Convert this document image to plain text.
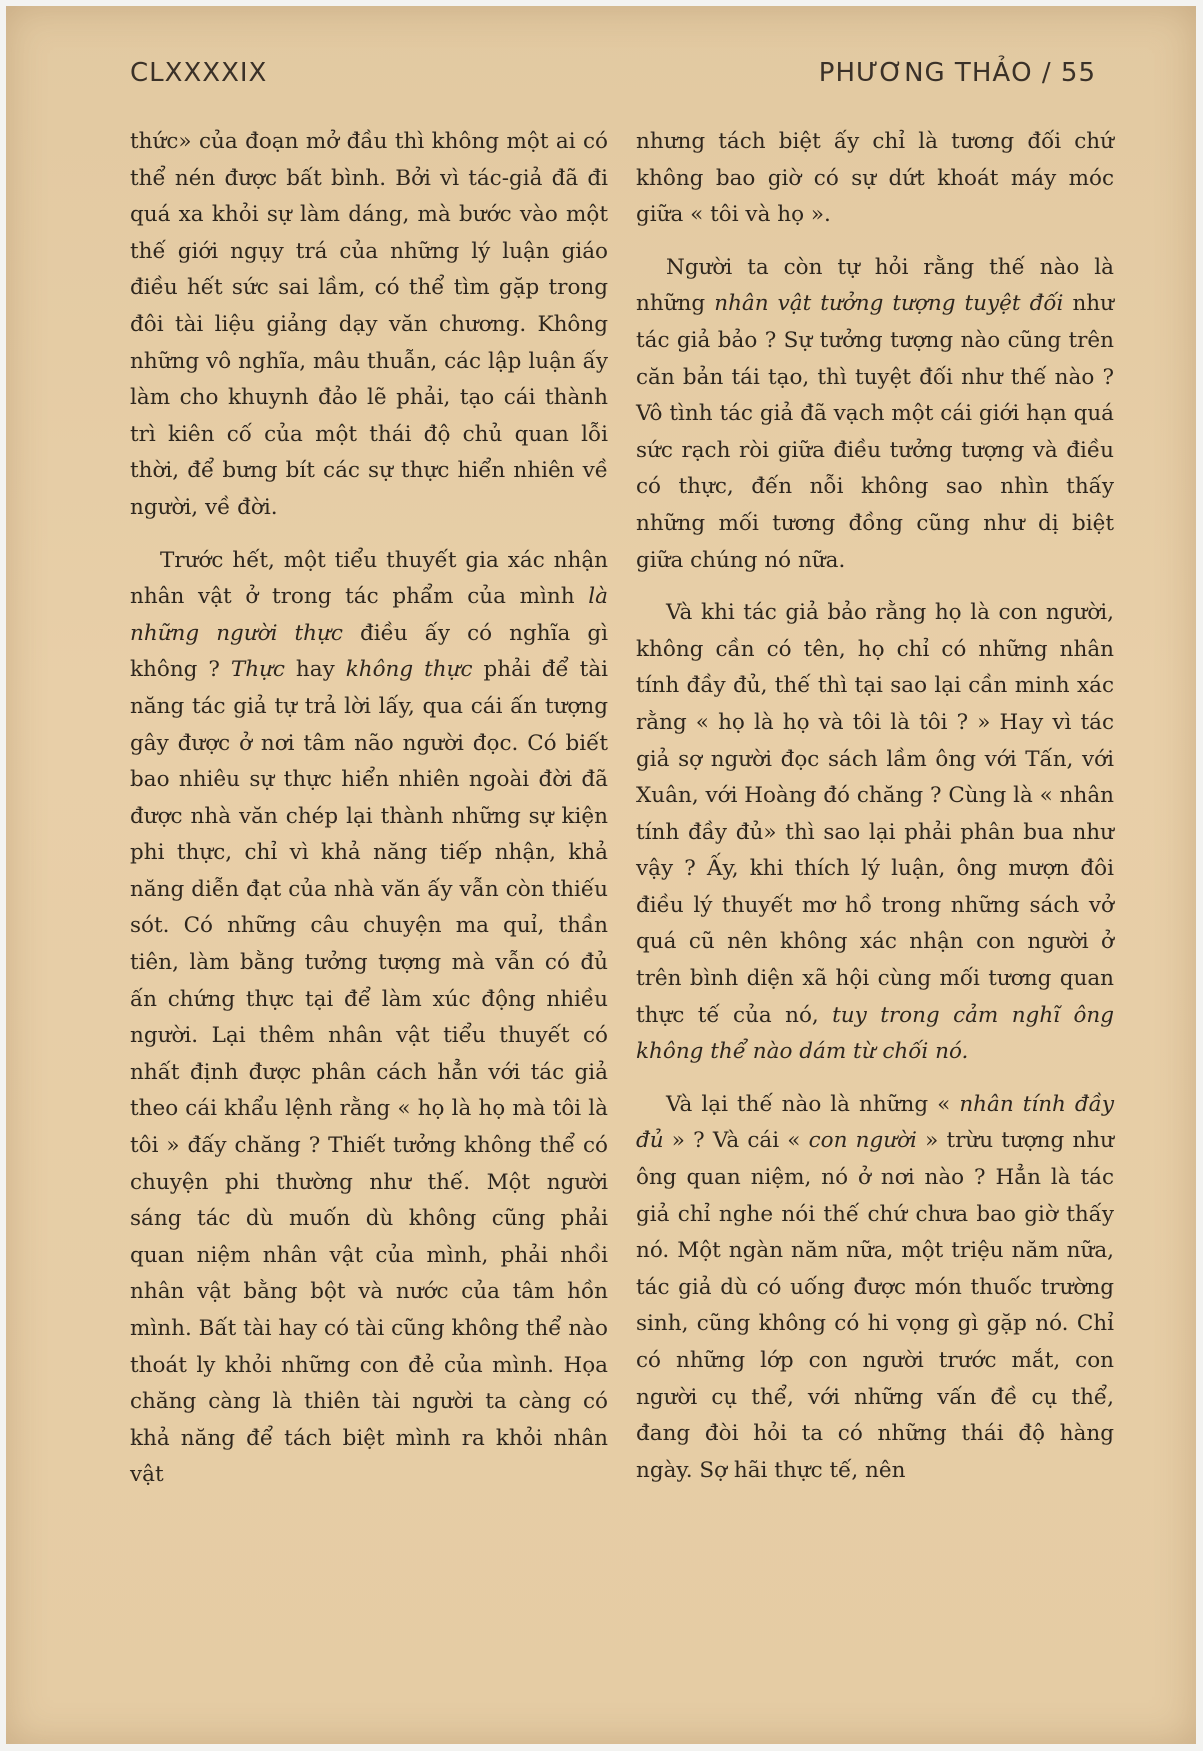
CLXXXXIX	PHƯƠNG THẢO / 55

thức» của đoạn mở đầu thì không một ai có thể nén được bất bình. Bởi vì tác-giả đã đi quá xa khỏi sự làm dáng, mà bước vào một thế giới ngụy trá của những lý luận giáo điều hết sức sai lầm, có thể tìm gặp trong đôi tài liệu giảng dạy văn chương. Không những vô nghĩa, mâu thuẫn, các lập luận ấy làm cho khuynh đảo lẽ phải, tạo cái thành trì kiên cố của một thái độ chủ quan lỗi thời, để bưng bít các sự thực hiển nhiên về người, về đời.

Trước hết, một tiểu thuyết gia xác nhận nhân vật ở trong tác phẩm của mình là những người thực điều ấy có nghĩa gì không ? Thực hay không thực phải để tài năng tác giả tự trả lời lấy, qua cái ấn tượng gây được ở nơi tâm não người đọc. Có biết bao nhiêu sự thực hiển nhiên ngoài đời đã được nhà văn chép lại thành những sự kiện phi thực, chỉ vì khả năng tiếp nhận, khả năng diễn đạt của nhà văn ấy vẫn còn thiếu sót. Có những câu chuyện ma quỉ, thần tiên, làm bằng tưởng tượng mà vẫn có đủ ấn chứng thực tại để làm xúc động nhiều người. Lại thêm nhân vật tiểu thuyết có nhất định được phân cách hẳn với tác giả theo cái khẩu lệnh rằng « họ là họ mà tôi là tôi » đấy chăng ? Thiết tưởng không thể có chuyện phi thường như thế. Một người sáng tác dù muốn dù không cũng phải quan niệm nhân vật của mình, phải nhồi nhân vật bằng bột và nước của tâm hồn mình. Bất tài hay có tài cũng không thể nào thoát ly khỏi những con đẻ của mình. Họa chăng càng là thiên tài người ta càng có khả năng để tách biệt mình ra khỏi nhân vật

nhưng tách biệt ấy chỉ là tương đối chứ không bao giờ có sự dứt khoát máy móc giữa « tôi và họ ».

Người ta còn tự hỏi rằng thế nào là những nhân vật tưởng tượng tuyệt đối như tác giả bảo ? Sự tưởng tượng nào cũng trên căn bản tái tạo, thì tuyệt đối như thế nào ? Vô tình tác giả đã vạch một cái giới hạn quá sức rạch ròi giữa điều tưởng tượng và điều có thực, đến nỗi không sao nhìn thấy những mối tương đồng cũng như dị biệt giữa chúng nó nữa.

Và khi tác giả bảo rằng họ là con người, không cần có tên, họ chỉ có những nhân tính đầy đủ, thế thì tại sao lại cần minh xác rằng « họ là họ và tôi là tôi ? » Hay vì tác giả sợ người đọc sách lầm ông với Tấn, với Xuân, với Hoàng đó chăng ? Cùng là « nhân tính đầy đủ» thì sao lại phải phân bua như vậy ? Ấy, khi thích lý luận, ông mượn đôi điều lý thuyết mơ hồ trong những sách vở quá cũ nên không xác nhận con người ở trên bình diện xã hội cùng mối tương quan thực tế của nó, tuy trong cảm nghĩ ông không thể nào dám từ chối nó.

Và lại thế nào là những « nhân tính đầy đủ » ? Và cái « con người » trừu tượng như ông quan niệm, nó ở nơi nào ? Hẳn là tác giả chỉ nghe nói thế chứ chưa bao giờ thấy nó. Một ngàn năm nữa, một triệu năm nữa, tác giả dù có uống được món thuốc trường sinh, cũng không có hi vọng gì gặp nó. Chỉ có những lớp con người trước mắt, con người cụ thể, với những vấn đề cụ thể, đang đòi hỏi ta có những thái độ hàng ngày. Sợ hãi thực tế, nên
